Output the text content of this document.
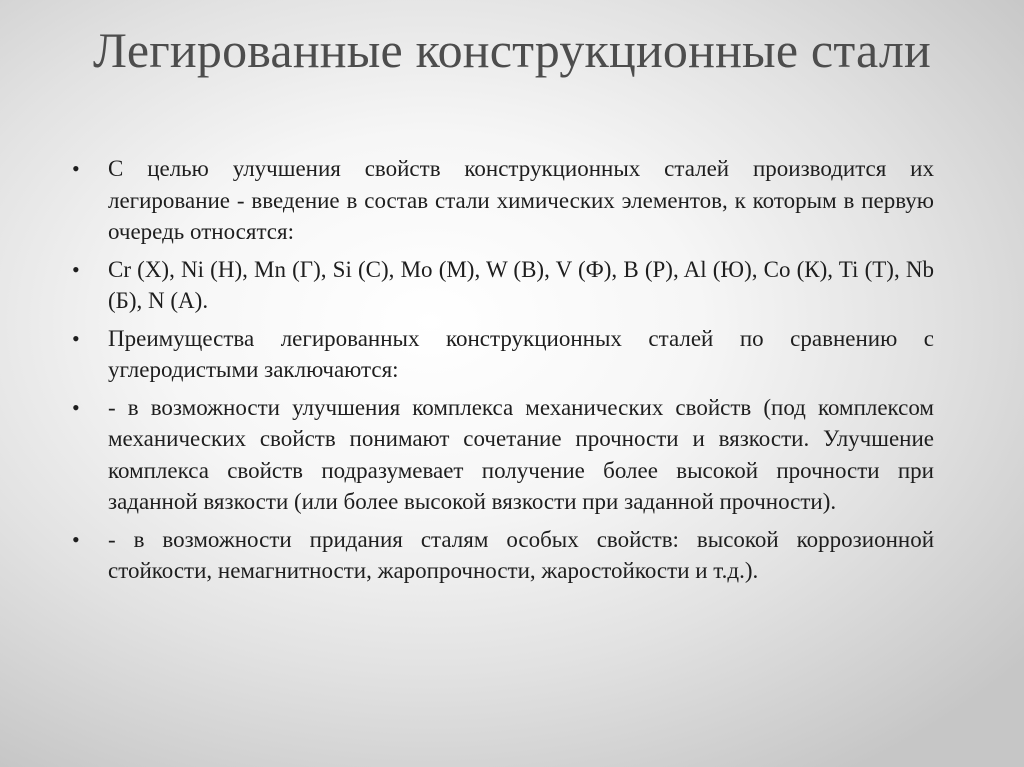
Легированные конструкционные стали
• С целью улучшения свойств конструкционных сталей производится их легирование - введение в состав стали химических элементов, к которым в первую очередь относятся:
• Cr (Х), Ni (Н), Mn (Г), Si (С), Mo (М), W (В), V (Ф), B (Р), Al (Ю), Co (К), Ti (Т), Nb (Б), N (А).
• Преимущества легированных конструкционных сталей по сравнению с углеродистыми заключаются:
• - в возможности улучшения комплекса механических свойств (под комплексом механических свойств понимают сочетание прочности и вязкости. Улучшение комплекса свойств подразумевает получение более высокой прочности при заданной вязкости (или более высокой вязкости при заданной прочности).
• - в возможности придания сталям особых свойств: высокой коррозионной стойкости, немагнитности, жаропрочности, жаростойкости и т.д.).
